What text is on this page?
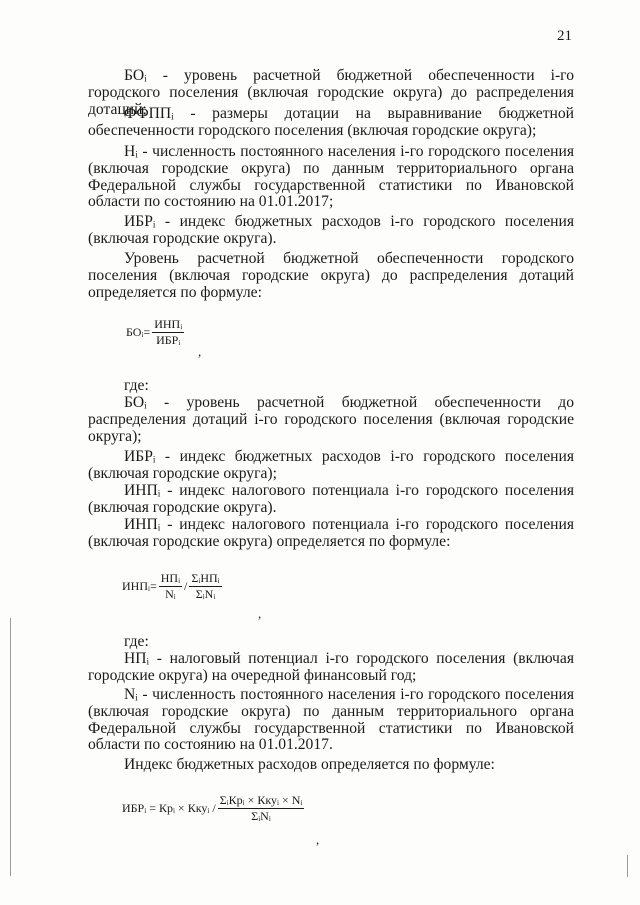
21

БОᵢ - уровень расчетной бюджетной обеспеченности i-го городского поселения (включая городские округа) до распределения дотаций;

ФФППᵢ - размеры дотации на выравнивание бюджетной обеспеченности городского поселения (включая городские округа);

Нᵢ - численность постоянного населения i-го городского поселения (включая городские округа) по данным территориального органа Федеральной службы государственной статистики по Ивановской области по состоянию на 01.01.2017;

ИБРᵢ - индекс бюджетных расходов i-го городского поселения (включая городские округа).

Уровень расчетной бюджетной обеспеченности городского поселения (включая городские округа) до распределения дотаций определяется по формуле:

БОᵢ= $\frac{\text{ИНПᵢ}}{\text{ИБРᵢ}}$
,

где:

БОᵢ - уровень расчетной бюджетной обеспеченности до распределения дотаций i-го городского поселения (включая городские округа);

ИБРᵢ - индекс бюджетных расходов i-го городского поселения (включая городские округа);

ИНПᵢ - индекс налогового потенциала i-го городского поселения (включая городские округа).

ИНПᵢ - индекс налогового потенциала i-го городского поселения (включая городские округа) определяется по формуле:

ИНПᵢ= $\frac{\text{НПᵢ}}{\text{Nᵢ}} / \frac{\text{ΣᵢНПᵢ}}{\text{ΣᵢNᵢ}}$
,

где:

НПᵢ - налоговый потенциал i-го городского поселения (включая городские округа) на очередной финансовый год;

Nᵢ - численность постоянного населения i-го городского поселения (включая городские округа) по данным территориального органа Федеральной службы государственной статистики по Ивановской области по состоянию на 01.01.2017.

Индекс бюджетных расходов определяется по формуле:

ИБРᵢ = Крᵢ × Ккуᵢ / $\frac{\text{ΣᵢКрᵢ × Ккуᵢ × Nᵢ}}{\text{ΣᵢNᵢ}}$
,
